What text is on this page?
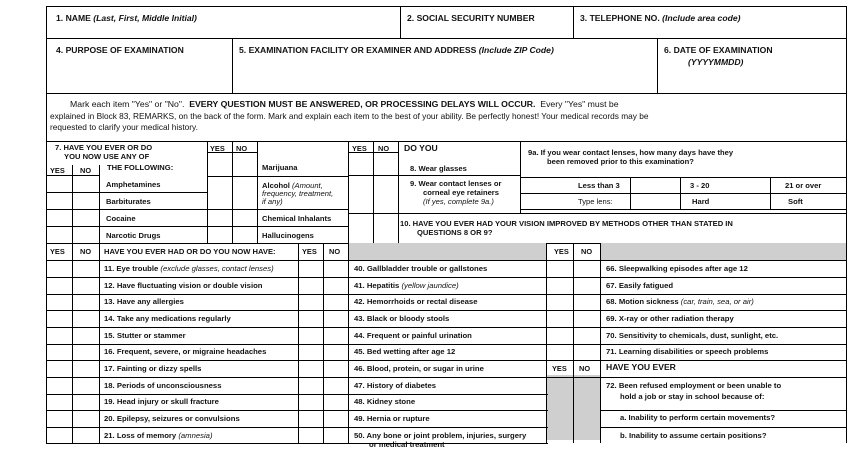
1. NAME (Last, First, Middle Initial)	2. SOCIAL SECURITY NUMBER	3. TELEPHONE NO. (Include area code)
4. PURPOSE OF EXAMINATION	5. EXAMINATION FACILITY OR EXAMINER AND ADDRESS (Include ZIP Code)	6. DATE OF EXAMINATION
(YYYYMMDD)
Mark each item "Yes" or "No". EVERY QUESTION MUST BE ANSWERED, OR PROCESSING DELAYS WILL OCCUR. Every "Yes" must be
explained in Block 83, REMARKS, on the back of the form. Mark and explain each item to the best of your ability. Be perfectly honest! Your medical records may be
requested to clarify your medical history.
7. HAVE YOU EVER OR DO
YOU NOW USE ANY OF
THE FOLLOWING:
YES NO
YES NO	YES NO
Amphetamines
Barbiturates
Cocaine
Narcotic Drugs
Marijuana
Alcohol (Amount,
frequency, treatment,
if any)
Chemical Inhalants
Hallucinogens
DO YOU
8. Wear glasses
9. Wear contact lenses or
corneal eye retainers
(If yes, complete 9a.)
10. HAVE YOU EVER HAD YOUR VISION IMPROVED BY METHODS OTHER THAN STATED IN
QUESTIONS 8 OR 9?
9a. If you wear contact lenses, how many days have they
been removed prior to this examination?
Less than 3	3 - 20	21 or over
Type lens:	Hard	Soft
YES NO HAVE YOU EVER HAD OR DO YOU NOW HAVE:	YES NO	YES NO
11. Eye trouble (exclude glasses, contact lenses)
12. Have fluctuating vision or double vision
13. Have any allergies
14. Take any medications regularly
15. Stutter or stammer
16. Frequent, severe, or migraine headaches
17. Fainting or dizzy spells
18. Periods of unconsciousness
19. Head injury or skull fracture
20. Epilepsy, seizures or convulsions
21. Loss of memory (amnesia)
40. Gallbladder trouble or gallstones
41. Hepatitis (yellow jaundice)
42. Hemorrhoids or rectal disease
43. Black or bloody stools
44. Frequent or painful urination
45. Bed wetting after age 12
46. Blood, protein, or sugar in urine
47. History of diabetes
48. Kidney stone
49. Hernia or rupture
50. Any bone or joint problem, injuries, surgery
or medical treatment
66. Sleepwalking episodes after age 12
67. Easily fatigued
68. Motion sickness (car, train, sea, or air)
69. X-ray or other radiation therapy
70. Sensitivity to chemicals, dust, sunlight, etc.
71. Learning disabilities or speech problems
YES NO HAVE YOU EVER
72. Been refused employment or been unable to
hold a job or stay in school because of:
a. Inability to perform certain movements?
b. Inability to assume certain positions?
